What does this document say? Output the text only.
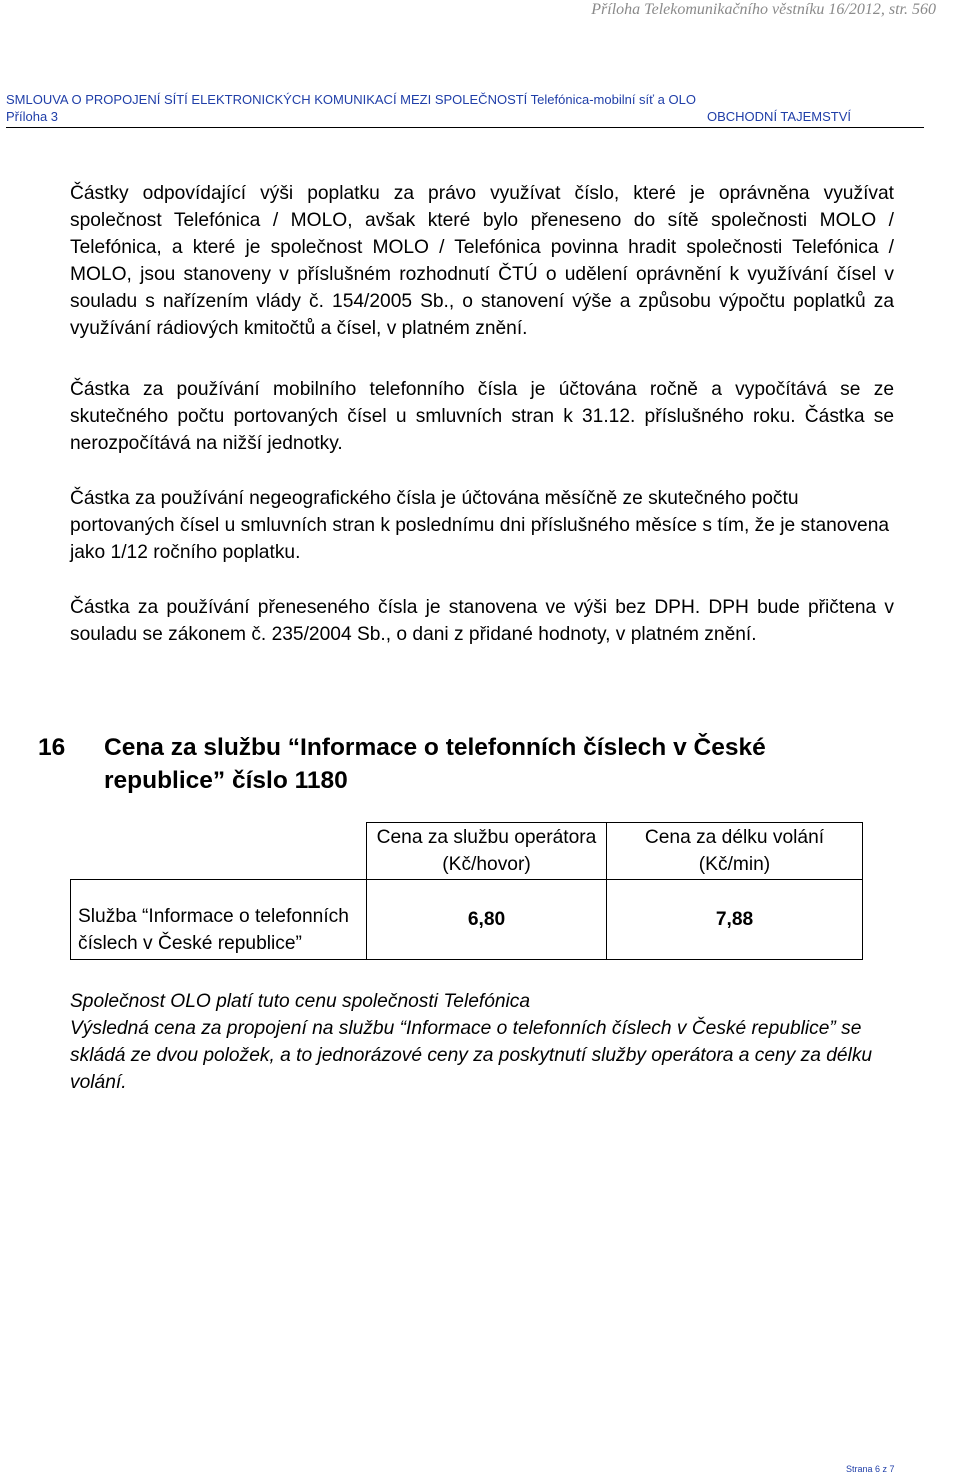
Příloha Telekomunikačního věstníku 16/2012, str. 560

SMLOUVA O PROPOJENÍ SÍTÍ ELEKTRONICKÝCH KOMUNIKACÍ MEZI SPOLEČNOSTÍ Telefónica-mobilní síť a OLO
Příloha 3	OBCHODNÍ TAJEMSTVÍ

Částky odpovídající výši poplatku za právo využívat číslo, které je oprávněna využívat společnost Telefónica / MOLO, avšak které bylo přeneseno do sítě společnosti MOLO / Telefónica, a které je společnost MOLO / Telefónica povinna hradit společnosti Telefónica / MOLO, jsou stanoveny v příslušném rozhodnutí ČTÚ o udělení oprávnění k využívání čísel v souladu s nařízením vlády č. 154/2005 Sb., o stanovení výše a způsobu výpočtu poplatků za využívání rádiových kmitočtů a čísel, v platném znění.

Částka za používání mobilního telefonního čísla je účtována ročně a vypočítává se ze skutečného počtu portovaných čísel u smluvních stran k 31.12. příslušného roku. Částka se nerozpočítává na nižší jednotky.

Částka za používání negeografického čísla je účtována měsíčně ze skutečného počtu portovaných čísel u smluvních stran k poslednímu dni příslušného měsíce s tím, že je stanovena jako 1/12 ročního poplatku.

Částka za používání přeneseného čísla je stanovena ve výši bez DPH. DPH bude přičtena v souladu se zákonem č. 235/2004 Sb., o dani z přidané hodnoty, v platném znění.

16 Cena za službu “Informace o telefonních číslech v České republice” číslo 1180
	Cena za službu operátora (Kč/hovor)	Cena za délku volání (Kč/min)
Služba “Informace o telefonních číslech v České republice”	6,80	7,88
Společnost OLO platí tuto cenu společnosti Telefónica
Výsledná cena za propojení na službu “Informace o telefonních číslech v České republice” se skládá ze dvou položek, a to jednorázové ceny za poskytnutí služby operátora a ceny za délku volání.

Strana 6 z 7
